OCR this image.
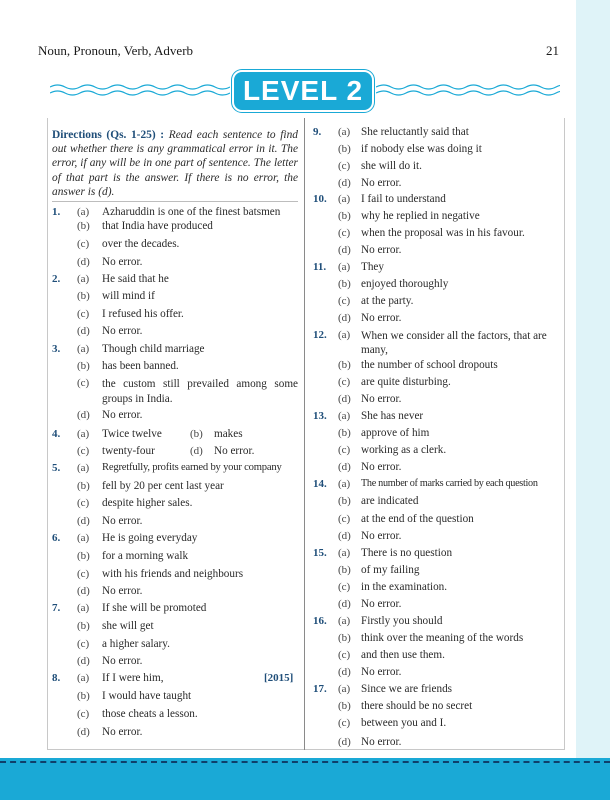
Noun, Pronoun, Verb, Adverb	21
LEVEL 2
Directions (Qs. 1-25) : Read each sentence to find out whether there is any grammatical error in it. The error, if any will be in one part of sentence. The letter of that part is the answer. If there is no error, the answer is (d).
1. (a) Azharuddin is one of the finest batsmen
(b) that India have produced
(c) over the decades.
(d) No error.
2. (a) He said that he
(b) will mind if
(c) I refused his offer.
(d) No error.
3. (a) Though child marriage
(b) has been banned.
(c) the custom still prevailed among some groups in India.
(d) No error.
4. (a) Twice twelve	(b) makes
(c) twenty-four	(d) No error.
5. (a) Regretfully, profits earned by your company
(b) fell by 20 per cent last year
(c) despite higher sales.
(d) No error.
6. (a) He is going everyday
(b) for a morning walk
(c) with his friends and neighbours
(d) No error.
7. (a) If she will be promoted
(b) she will get
(c) a higher salary.
(d) No error.
8. (a) If I were him,	[2015]
(b) I would have taught
(c) those cheats a lesson.
(d) No error.
9. (a) She reluctantly said that
(b) if nobody else was doing it
(c) she will do it.
(d) No error.
10. (a) I fail to understand
(b) why he replied in negative
(c) when the proposal was in his favour.
(d) No error.
11. (a) They
(b) enjoyed thoroughly
(c) at the party.
(d) No error.
12. (a) When we consider all the factors, that are many,
(b) the number of school dropouts
(c) are quite disturbing.
(d) No error.
13. (a) She has never
(b) approve of him
(c) working as a clerk.
(d) No error.
14. (a) The number of marks carried by each question
(b) are indicated
(c) at the end of the question
(d) No error.
15. (a) There is no question
(b) of my failing
(c) in the examination.
(d) No error.
16. (a) Firstly you should
(b) think over the meaning of the words
(c) and then use them.
(d) No error.
17. (a) Since we are friends
(b) there should be no secret
(c) between you and I.
(d) No error.
